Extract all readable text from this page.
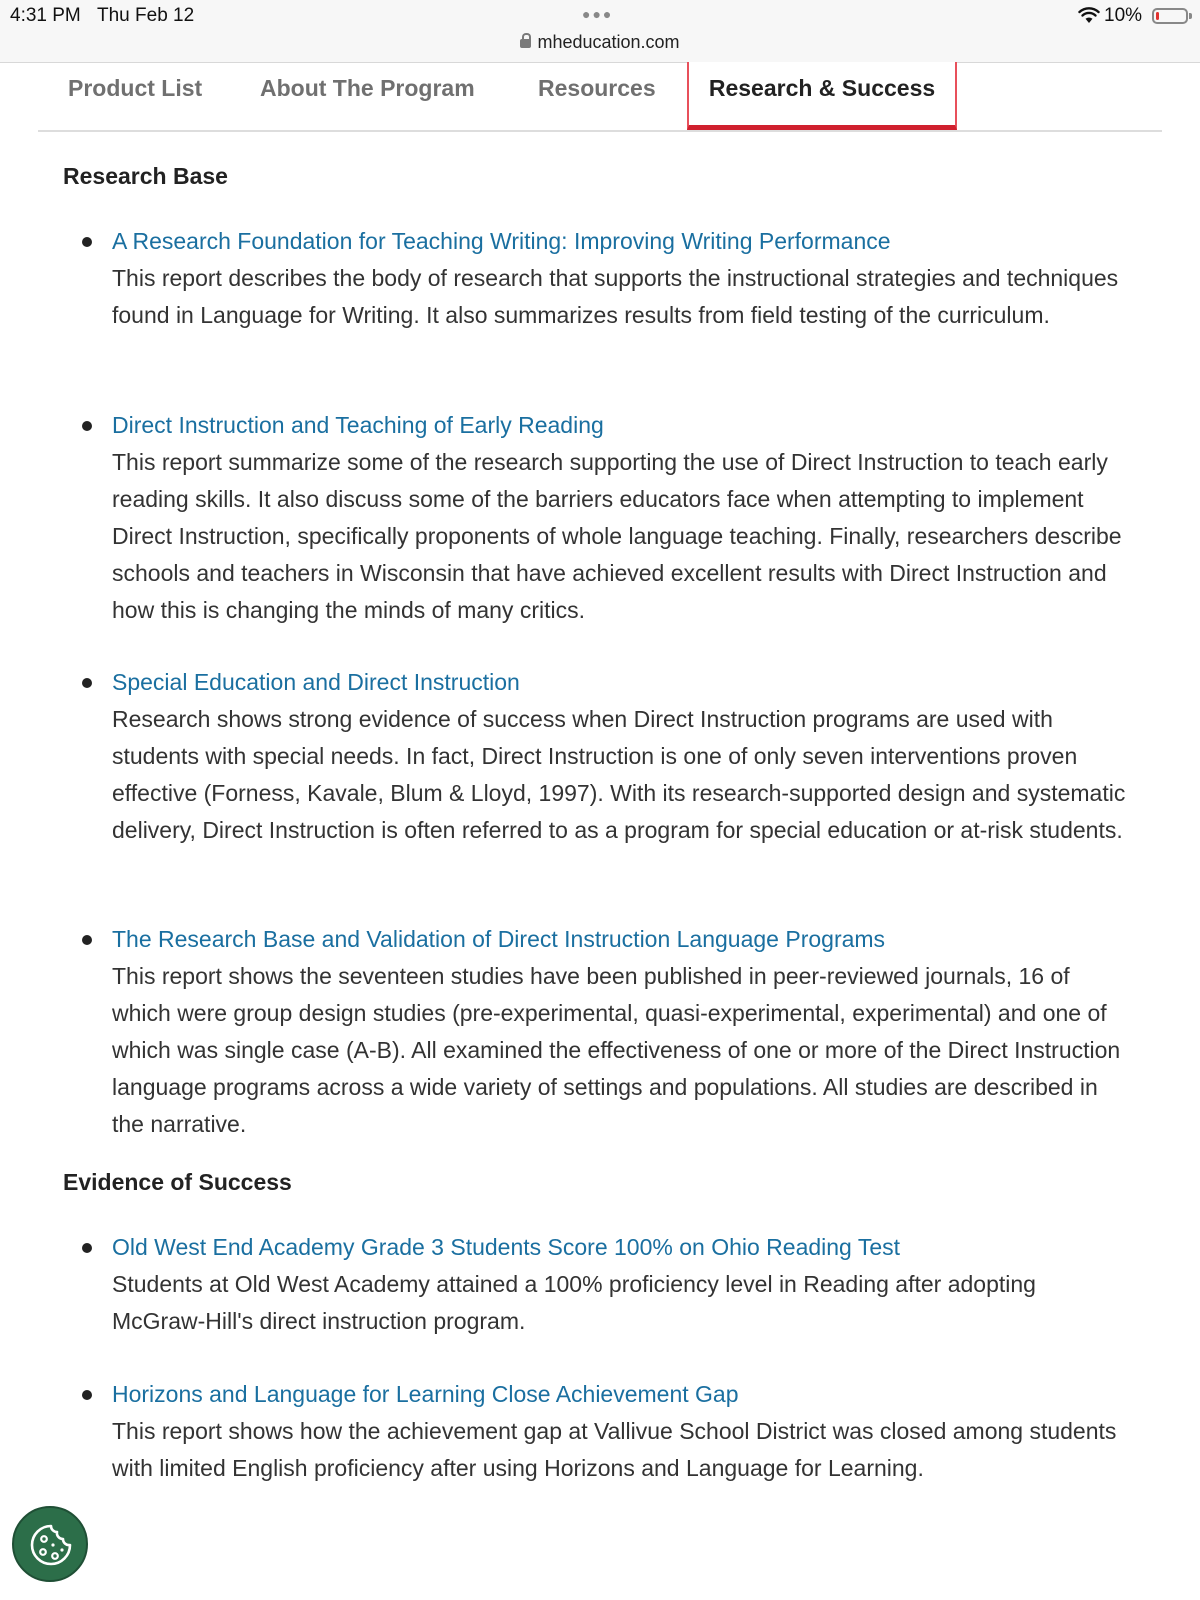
4:31 PM Thu Feb 12	●●●
mheducation.com
10%
Product List	About The Program	Resources	Research & Success
Research Base
A Research Foundation for Teaching Writing: Improving Writing Performance

This report describes the body of research that supports the instructional strategies and techniques found in Language for Writing. It also summarizes results from field testing of the curriculum.

Direct Instruction and Teaching of Early Reading

This report summarize some of the research supporting the use of Direct Instruction to teach early reading skills. It also discuss some of the barriers educators face when attempting to implement Direct Instruction, specifically proponents of whole language teaching. Finally, researchers describe schools and teachers in Wisconsin that have achieved excellent results with Direct Instruction and how this is changing the minds of many critics.

Special Education and Direct Instruction

Research shows strong evidence of success when Direct Instruction programs are used with students with special needs. In fact, Direct Instruction is one of only seven interventions proven effective (Forness, Kavale, Blum & Lloyd, 1997). With its research-supported design and systematic delivery, Direct Instruction is often referred to as a program for special education or at-risk students.

The Research Base and Validation of Direct Instruction Language Programs

This report shows the seventeen studies have been published in peer-reviewed journals, 16 of which were group design studies (pre-experimental, quasi-experimental, experimental) and one of which was single case (A-B). All examined the effectiveness of one or more of the Direct Instruction language programs across a wide variety of settings and populations. All studies are described in the narrative.

Evidence of Success
Old West End Academy Grade 3 Students Score 100% on Ohio Reading Test

Students at Old West Academy attained a 100% proficiency level in Reading after adopting McGraw-Hill's direct instruction program.

Horizons and Language for Learning Close Achievement Gap

This report shows how the achievement gap at Vallivue School District was closed among students with limited English proficiency after using Horizons and Language for Learning.
